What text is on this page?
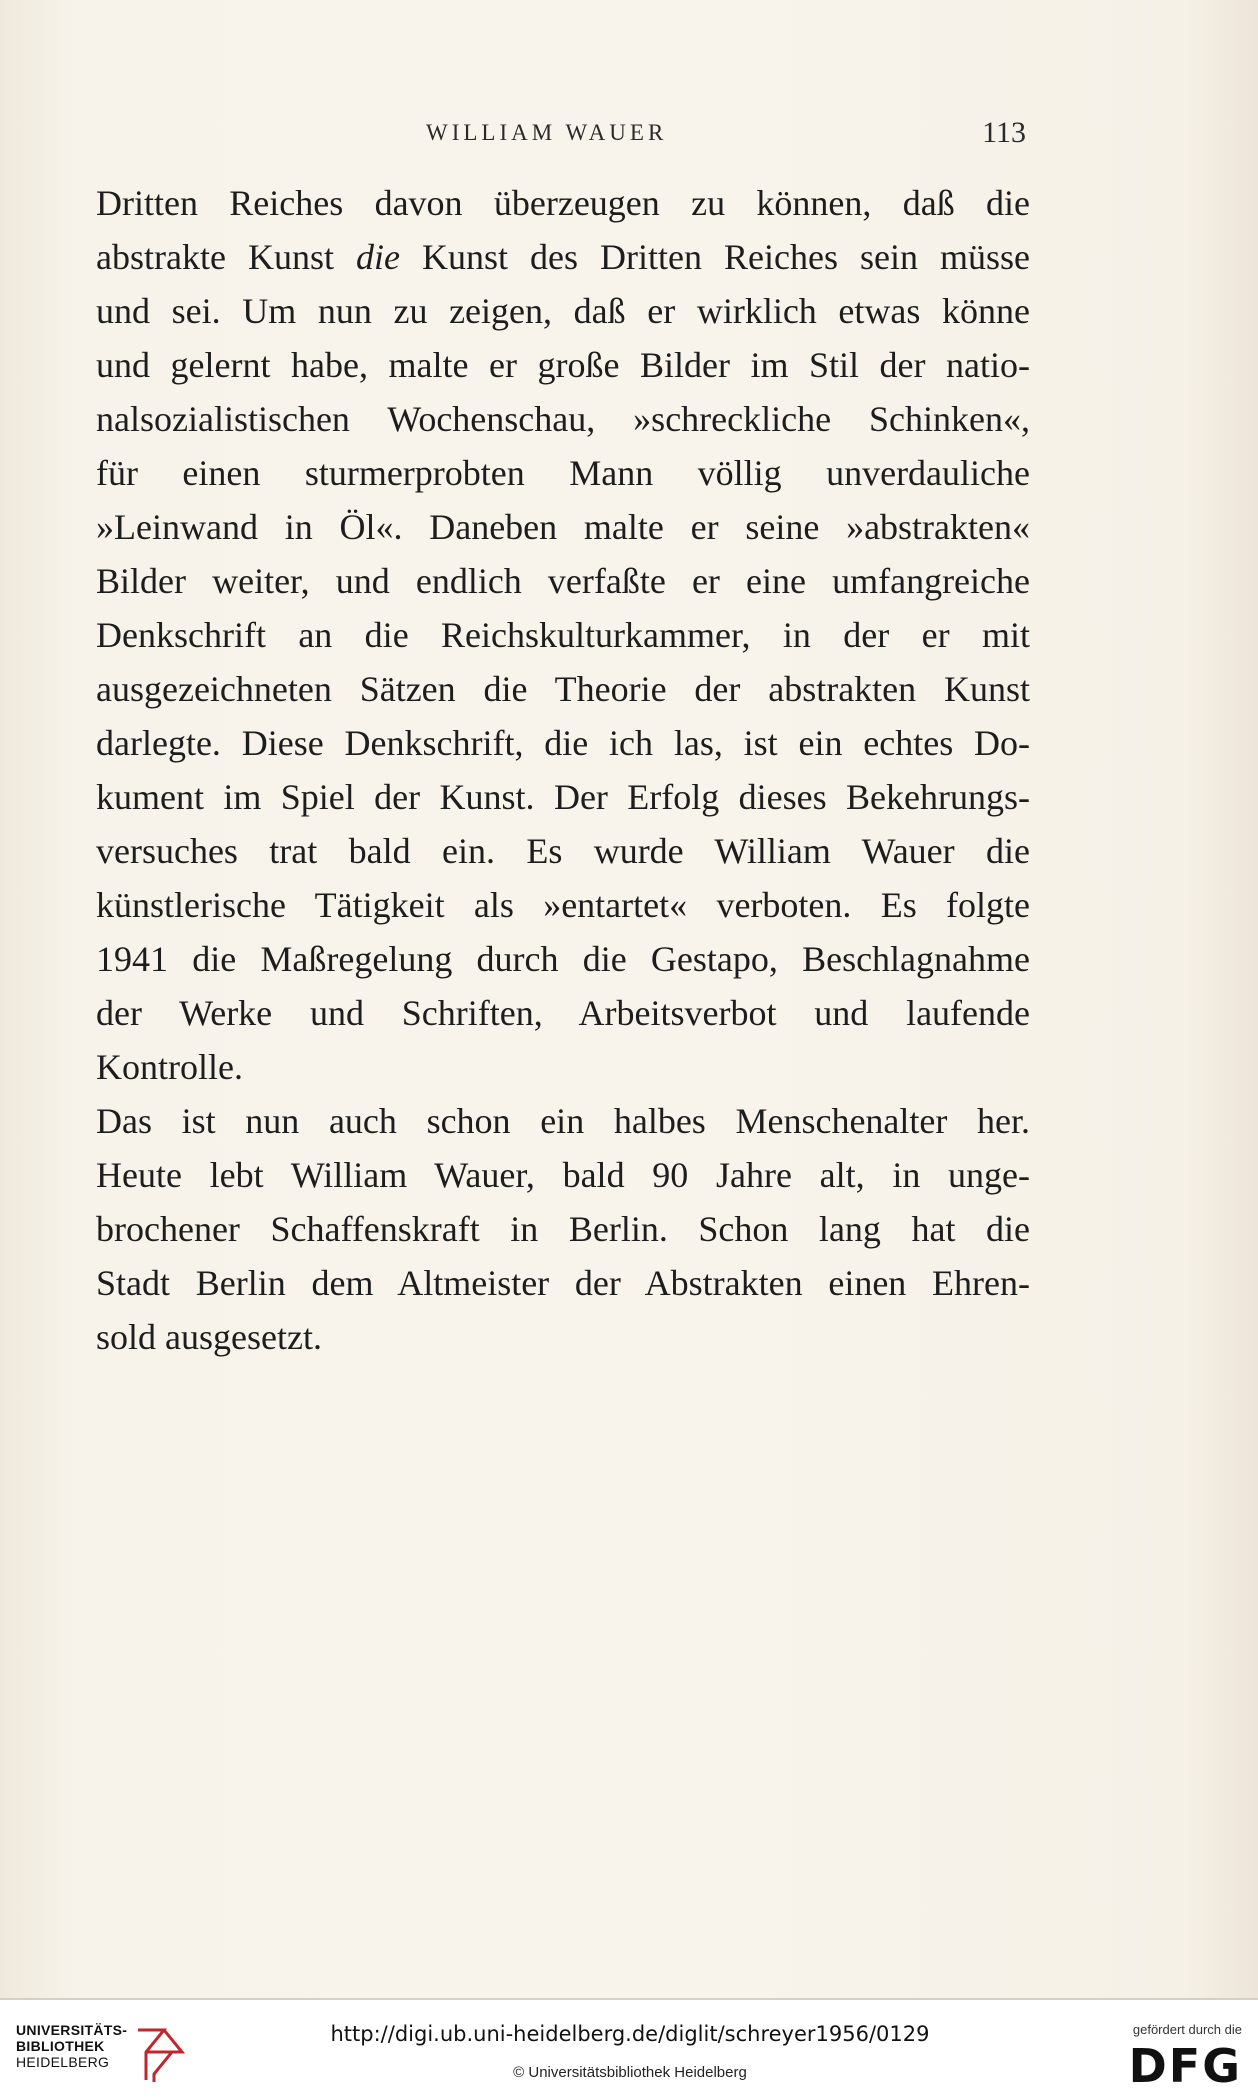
WILLIAM WAUER	113
Dritten Reiches davon überzeugen zu können, daß die
abstrakte Kunst die Kunst des Dritten Reiches sein müsse
und sei. Um nun zu zeigen, daß er wirklich etwas könne
und gelernt habe, malte er große Bilder im Stil der natio-
nalsozialistischen Wochenschau, »schreckliche Schinken«,
für einen sturmerprobten Mann völlig unverdauliche
»Leinwand in Öl«. Daneben malte er seine »abstrakten«
Bilder weiter, und endlich verfaßte er eine umfangreiche
Denkschrift an die Reichskulturkammer, in der er mit
ausgezeichneten Sätzen die Theorie der abstrakten Kunst
darlegte. Diese Denkschrift, die ich las, ist ein echtes Do-
kument im Spiel der Kunst. Der Erfolg dieses Bekehrungs-
versuches trat bald ein. Es wurde William Wauer die
künstlerische Tätigkeit als »entartet« verboten. Es folgte
1941 die Maßregelung durch die Gestapo, Beschlagnahme
der Werke und Schriften, Arbeitsverbot und laufende
Kontrolle.
Das ist nun auch schon ein halbes Menschenalter her.
Heute lebt William Wauer, bald 90 Jahre alt, in unge-
brochener Schaffenskraft in Berlin. Schon lang hat die
Stadt Berlin dem Altmeister der Abstrakten einen Ehren-
sold ausgesetzt.
UNIVERSITÄTS-
BIBLIOTHEK
HEIDELBERG
http://digi.ub.uni-heidelberg.de/diglit/schreyer1956/0129
© Universitätsbibliothek Heidelberg
gefördert durch die
DFG
